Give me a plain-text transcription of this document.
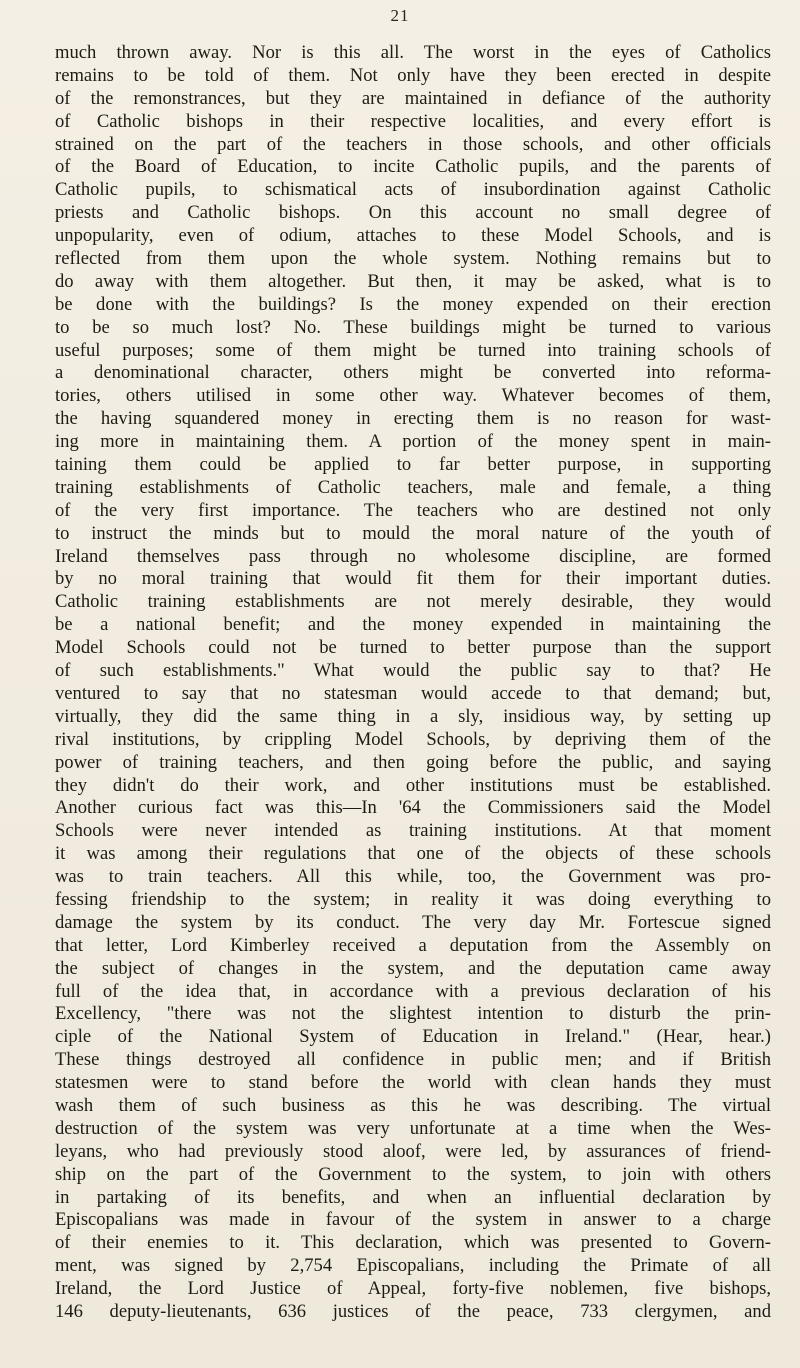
21
much thrown away. Nor is this all. The worst in the eyes of Catholics
remains to be told of them. Not only have they been erected in despite
of the remonstrances, but they are maintained in defiance of the authority
of Catholic bishops in their respective localities, and every effort is
strained on the part of the teachers in those schools, and other officials
of the Board of Education, to incite Catholic pupils, and the parents of
Catholic pupils, to schismatical acts of insubordination against Catholic
priests and Catholic bishops. On this account no small degree of
unpopularity, even of odium, attaches to these Model Schools, and is
reflected from them upon the whole system. Nothing remains but to
do away with them altogether. But then, it may be asked, what is to
be done with the buildings? Is the money expended on their erection
to be so much lost? No. These buildings might be turned to various
useful purposes; some of them might be turned into training schools of
a denominational character, others might be converted into reforma-
tories, others utilised in some other way. Whatever becomes of them,
the having squandered money in erecting them is no reason for wast-
ing more in maintaining them. A portion of the money spent in main-
taining them could be applied to far better purpose, in supporting
training establishments of Catholic teachers, male and female, a thing
of the very first importance. The teachers who are destined not only
to instruct the minds but to mould the moral nature of the youth of
Ireland themselves pass through no wholesome discipline, are formed
by no moral training that would fit them for their important duties.
Catholic training establishments are not merely desirable, they would
be a national benefit; and the money expended in maintaining the
Model Schools could not be turned to better purpose than the support
of such establishments." What would the public say to that? He
ventured to say that no statesman would accede to that demand; but,
virtually, they did the same thing in a sly, insidious way, by setting up
rival institutions, by crippling Model Schools, by depriving them of the
power of training teachers, and then going before the public, and saying
they didn't do their work, and other institutions must be established.
Another curious fact was this—In '64 the Commissioners said the Model
Schools were never intended as training institutions. At that moment
it was among their regulations that one of the objects of these schools
was to train teachers. All this while, too, the Government was pro-
fessing friendship to the system; in reality it was doing everything to
damage the system by its conduct. The very day Mr. Fortescue signed
that letter, Lord Kimberley received a deputation from the Assembly on
the subject of changes in the system, and the deputation came away
full of the idea that, in accordance with a previous declaration of his
Excellency, "there was not the slightest intention to disturb the prin-
ciple of the National System of Education in Ireland." (Hear, hear.)
These things destroyed all confidence in public men; and if British
statesmen were to stand before the world with clean hands they must
wash them of such business as this he was describing. The virtual
destruction of the system was very unfortunate at a time when the Wes-
leyans, who had previously stood aloof, were led, by assurances of friend-
ship on the part of the Government to the system, to join with others
in partaking of its benefits, and when an influential declaration by
Episcopalians was made in favour of the system in answer to a charge
of their enemies to it. This declaration, which was presented to Govern-
ment, was signed by 2,754 Episcopalians, including the Primate of all
Ireland, the Lord Justice of Appeal, forty-five noblemen, five bishops,
146 deputy-lieutenants, 636 justices of the peace, 733 clergymen, and
